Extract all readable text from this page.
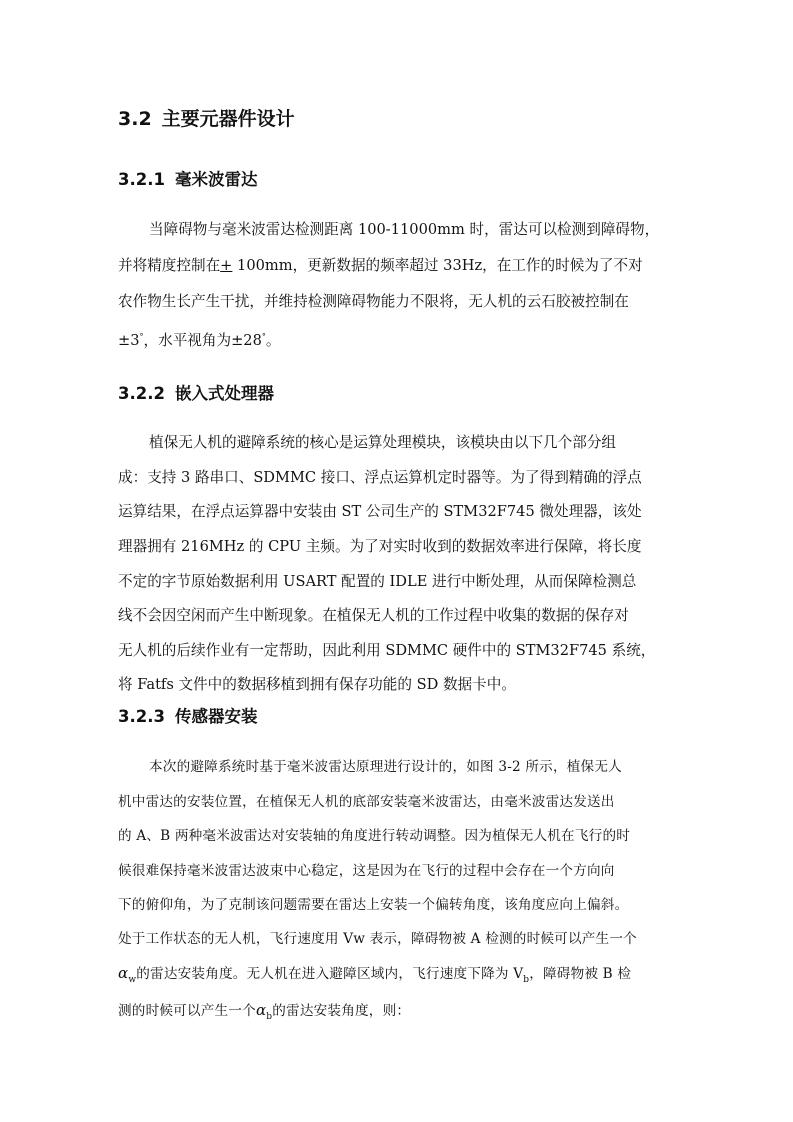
3.2 主要元器件设计
3.2.1 毫米波雷达
当障碍物与毫米波雷达检测距离 100-11000mm 时，雷达可以检测到障碍物，
并将精度控制在+ 100mm，更新数据的频率超过 33Hz，在工作的时候为了不对
农作物生长产生干扰，并维持检测障碍物能力不限将，无人机的云石胶被控制在
±3°，水平视角为±28°。
3.2.2 嵌入式处理器
植保无人机的避障系统的核心是运算处理模块，该模块由以下几个部分组
成：支持 3 路串口、SDMMC 接口、浮点运算机定时器等。为了得到精确的浮点
运算结果，在浮点运算器中安装由 ST 公司生产的 STM32F745 微处理器，该处
理器拥有 216MHz 的 CPU 主频。为了对实时收到的数据效率进行保障，将长度
不定的字节原始数据利用 USART 配置的 IDLE 进行中断处理，从而保障检测总
线不会因空闲而产生中断现象。在植保无人机的工作过程中收集的数据的保存对
无人机的后续作业有一定帮助，因此利用 SDMMC 硬件中的 STM32F745 系统，
将 Fatfs 文件中的数据移植到拥有保存功能的 SD 数据卡中。
3.2.3 传感器安装
本次的避障系统时基于毫米波雷达原理进行设计的，如图 3-2 所示，植保无人
机中雷达的安装位置，在植保无人机的底部安装毫米波雷达，由毫米波雷达发送出
的 A、B 两种毫米波雷达对安装轴的角度进行转动调整。因为植保无人机在飞行的时
候很难保持毫米波雷达波束中心稳定，这是因为在飞行的过程中会存在一个方向向
下的俯仰角，为了克制该问题需要在雷达上安装一个偏转角度，该角度应向上偏斜。
处于工作状态的无人机，飞行速度用 Vw 表示，障碍物被 A 检测的时候可以产生一个
$\alpha_w$的雷达安装角度。无人机在进入避障区域内，飞行速度下降为 $V_b$，障碍物被 B 检
测的时候可以产生一个$\alpha_b$的雷达安装角度，则：
